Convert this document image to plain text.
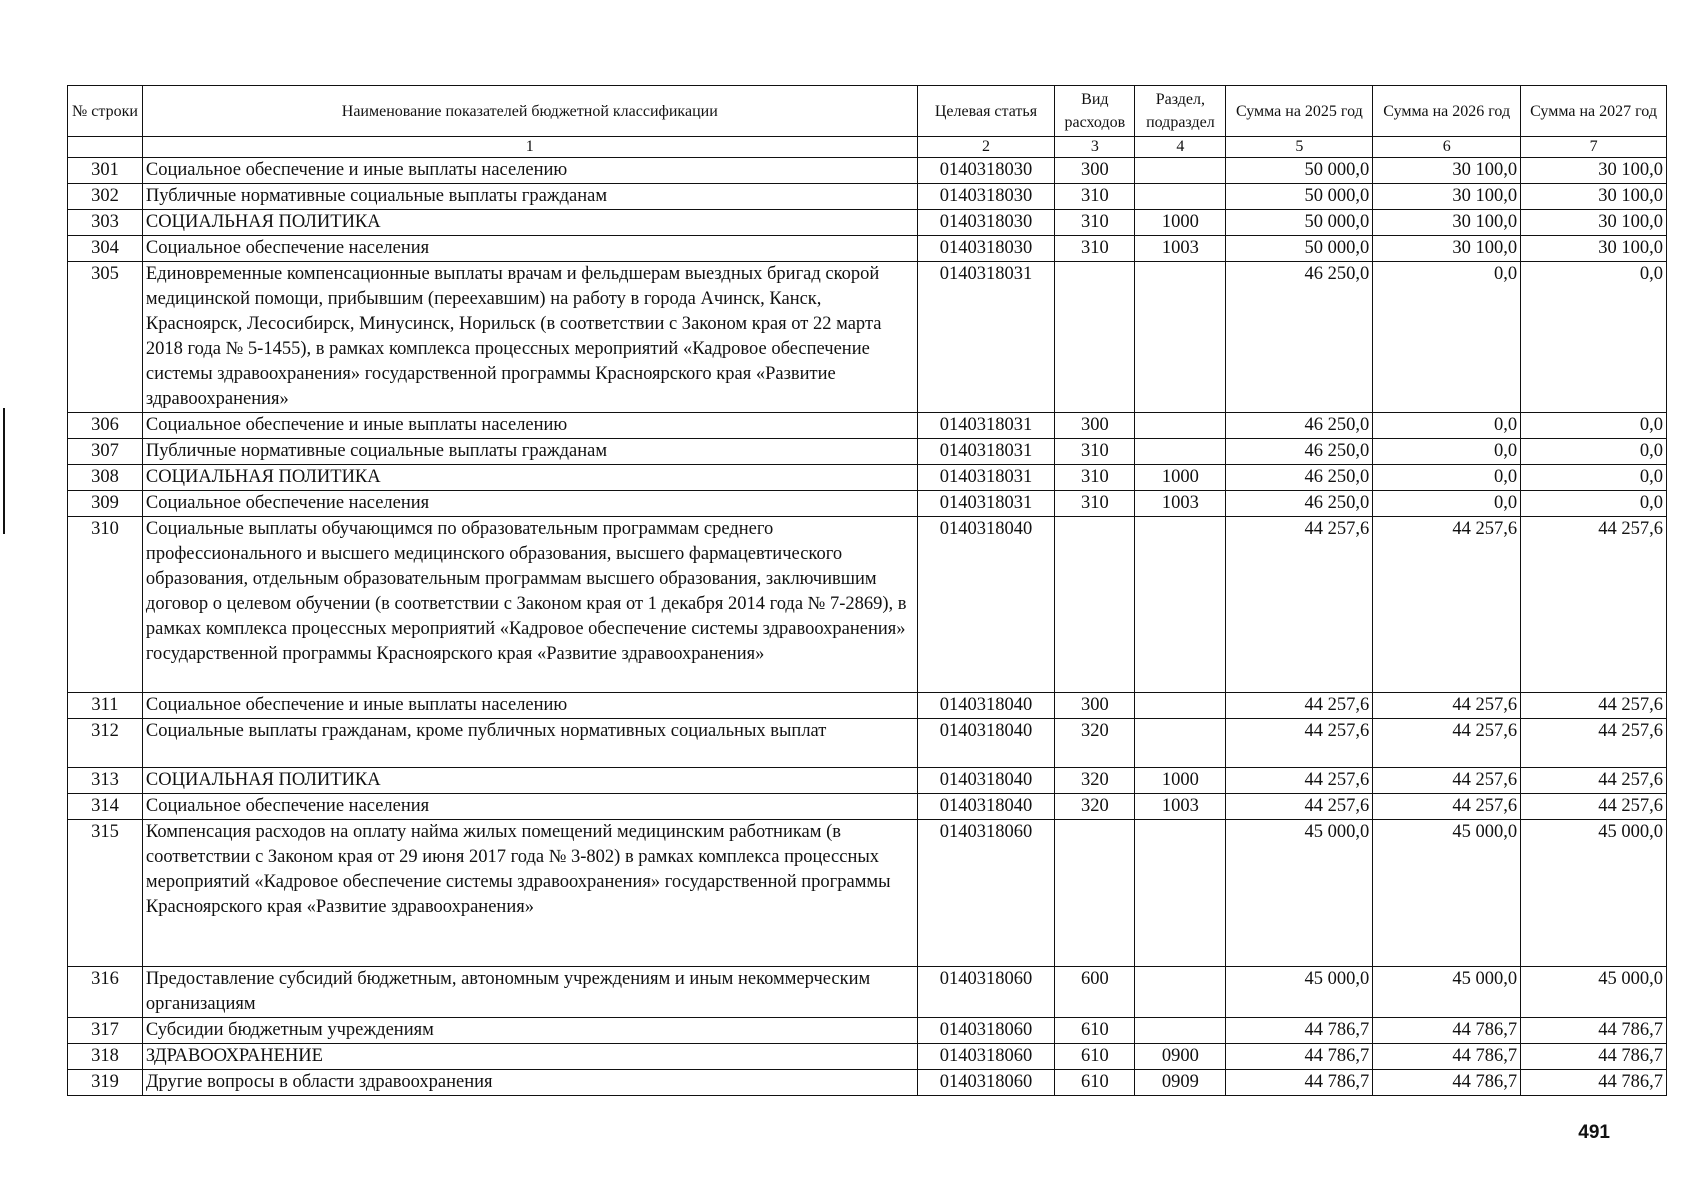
№ строки	Наименование показателей бюджетной классификации	Целевая статья	Вид расходов	Раздел, подраздел	Сумма на 2025 год	Сумма на 2026 год	Сумма на 2027 год
	1	2	3	4	5	6	7
301	Социальное обеспечение и иные выплаты населению	0140318030	300		50 000,0	30 100,0	30 100,0
302	Публичные нормативные социальные выплаты гражданам	0140318030	310		50 000,0	30 100,0	30 100,0
303	СОЦИАЛЬНАЯ ПОЛИТИКА	0140318030	310	1000	50 000,0	30 100,0	30 100,0
304	Социальное обеспечение населения	0140318030	310	1003	50 000,0	30 100,0	30 100,0
305	Единовременные компенсационные выплаты врачам и фельдшерам выездных бригад скорой медицинской помощи, прибывшим (переехавшим) на работу в города Ачинск, Канск, Красноярск, Лесосибирск, Минусинск, Норильск (в соответствии с Законом края от 22 марта 2018 года № 5-1455), в рамках комплекса процессных мероприятий «Кадровое обеспечение системы здравоохранения» государственной программы Красноярского края «Развитие здравоохранения»	0140318031			46 250,0	0,0	0,0
306	Социальное обеспечение и иные выплаты населению	0140318031	300		46 250,0	0,0	0,0
307	Публичные нормативные социальные выплаты гражданам	0140318031	310		46 250,0	0,0	0,0
308	СОЦИАЛЬНАЯ ПОЛИТИКА	0140318031	310	1000	46 250,0	0,0	0,0
309	Социальное обеспечение населения	0140318031	310	1003	46 250,0	0,0	0,0
310	Социальные выплаты обучающимся по образовательным программам среднего профессионального и высшего медицинского образования, высшего фармацевтического образования, отдельным образовательным программам высшего образования, заключившим договор о целевом обучении (в соответствии с Законом края от 1 декабря 2014 года № 7-2869), в рамках комплекса процессных мероприятий «Кадровое обеспечение системы здравоохранения» государственной программы Красноярского края «Развитие здравоохранения»	0140318040			44 257,6	44 257,6	44 257,6
311	Социальное обеспечение и иные выплаты населению	0140318040	300		44 257,6	44 257,6	44 257,6
312	Социальные выплаты гражданам, кроме публичных нормативных социальных выплат	0140318040	320		44 257,6	44 257,6	44 257,6
313	СОЦИАЛЬНАЯ ПОЛИТИКА	0140318040	320	1000	44 257,6	44 257,6	44 257,6
314	Социальное обеспечение населения	0140318040	320	1003	44 257,6	44 257,6	44 257,6
315	Компенсация расходов на оплату найма жилых помещений медицинским работникам (в соответствии с Законом края от 29 июня 2017 года № 3-802) в рамках комплекса процессных мероприятий «Кадровое обеспечение системы здравоохранения» государственной программы Красноярского края «Развитие здравоохранения»	0140318060			45 000,0	45 000,0	45 000,0
316	Предоставление субсидий бюджетным, автономным учреждениям и иным некоммерческим организациям	0140318060	600		45 000,0	45 000,0	45 000,0
317	Субсидии бюджетным учреждениям	0140318060	610		44 786,7	44 786,7	44 786,7
318	ЗДРАВООХРАНЕНИЕ	0140318060	610	0900	44 786,7	44 786,7	44 786,7
319	Другие вопросы в области здравоохранения	0140318060	610	0909	44 786,7	44 786,7	44 786,7
491
